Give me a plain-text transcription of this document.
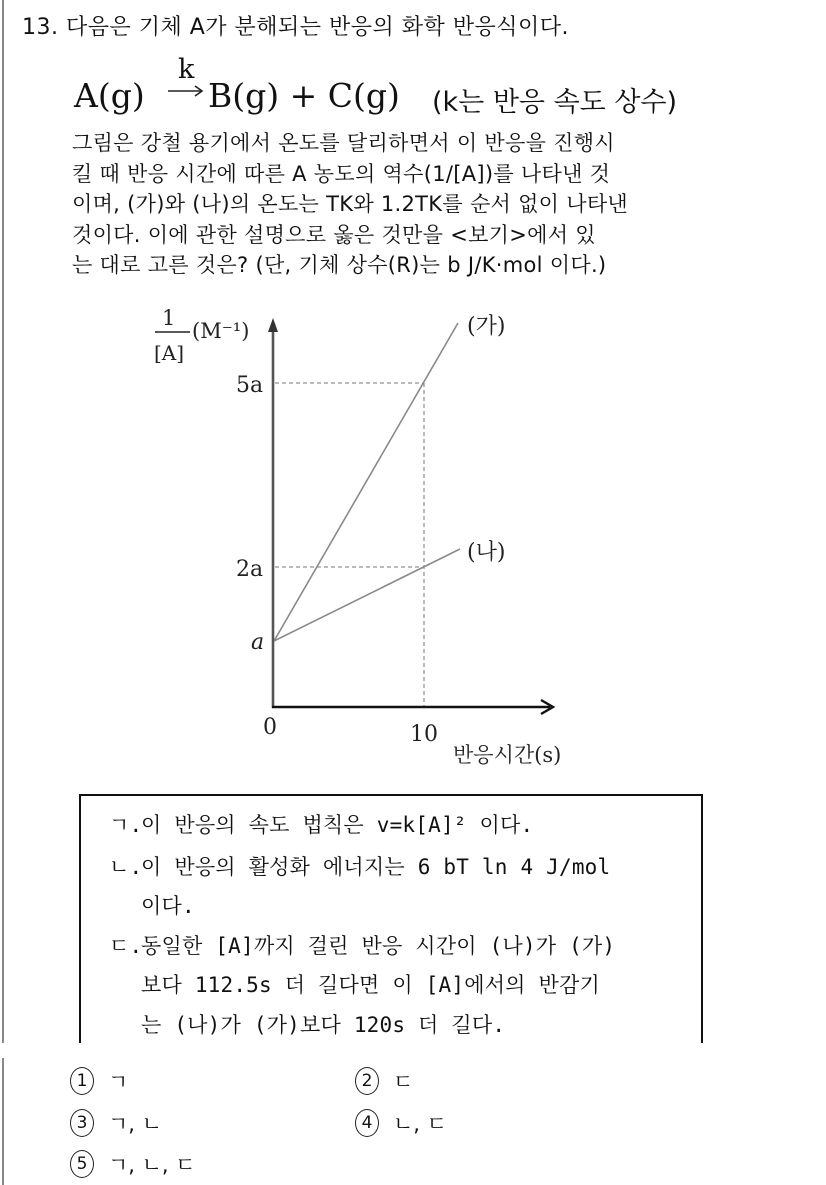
13. 다음은 기체 A가 분해되는 반응의 화학 반응식이다.
A(g) →
k
B(g) + C(g) (k는 반응 속도 상수)
그림은 강철 용기에서 온도를 달리하면서 이 반응을 진행시
킬 때 반응 시간에 따른 A 농도의 역수(1/[A])를 나타낸 것
이며, (가)와 (나)의 온도는 TK와 1.2TK를 순서 없이 나타낸
것이다. 이에 관한 설명으로 옳은 것만을 <보기>에서 있
는 대로 고른 것은? (단, 기체 상수(R)는 b J/K·mol 이다.)
1
[A]
(M⁻¹)
5a
2a
a
0	10
반응시간(s)
(가)
(나)
ㄱ.이 반응의 속도 법칙은 v=k[A]² 이다.
ㄴ.이 반응의 활성화 에너지는 6 bT ln 4 J/mol
이다.
ㄷ.동일한 [A]까지 걸린 반응 시간이 (나)가 (가)
보다 112.5s 더 길다면 이 [A]에서의 반감기
는 (나)가 (가)보다 120s 더 길다.
1 ㄱ	2 ㄷ
3 ㄱ, ㄴ	4 ㄴ, ㄷ
5 ㄱ, ㄴ, ㄷ
